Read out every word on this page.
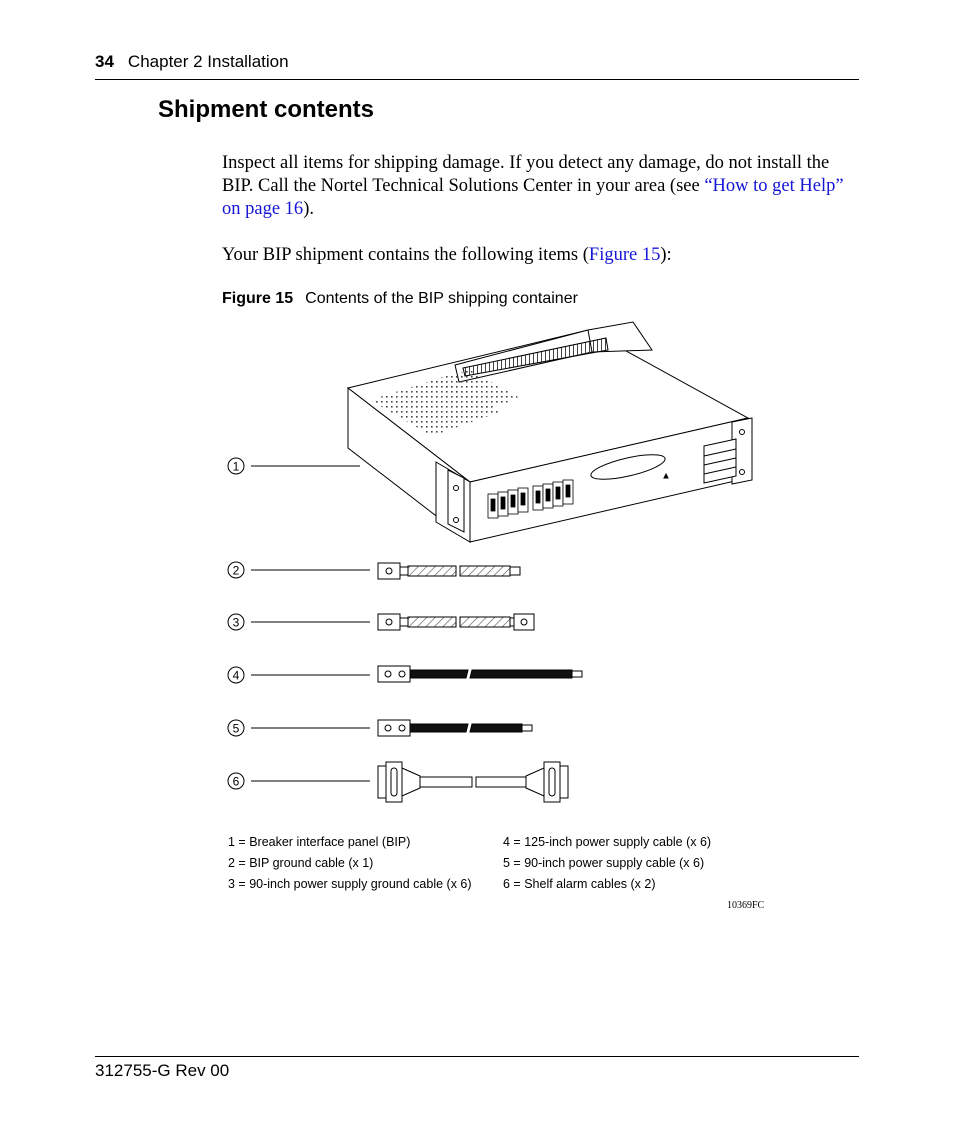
34 Chapter 2 Installation
Shipment contents
Inspect all items for shipping damage. If you detect any damage, do not install the BIP. Call the Nortel Technical Solutions Center in your area (see “How to get Help” on page 16).
Your BIP shipment contains the following items (Figure 15):
Figure 15 Contents of the BIP shipping container
1
2
3
4
5
6
1 = Breaker interface panel (BIP)
2 = BIP ground cable (x 1)
3 = 90-inch power supply ground cable (x 6)
4 = 125-inch power supply cable (x 6)
5 = 90-inch power supply cable (x 6)
6 = Shelf alarm cables (x 2)
10369FC
312755-G Rev 00
